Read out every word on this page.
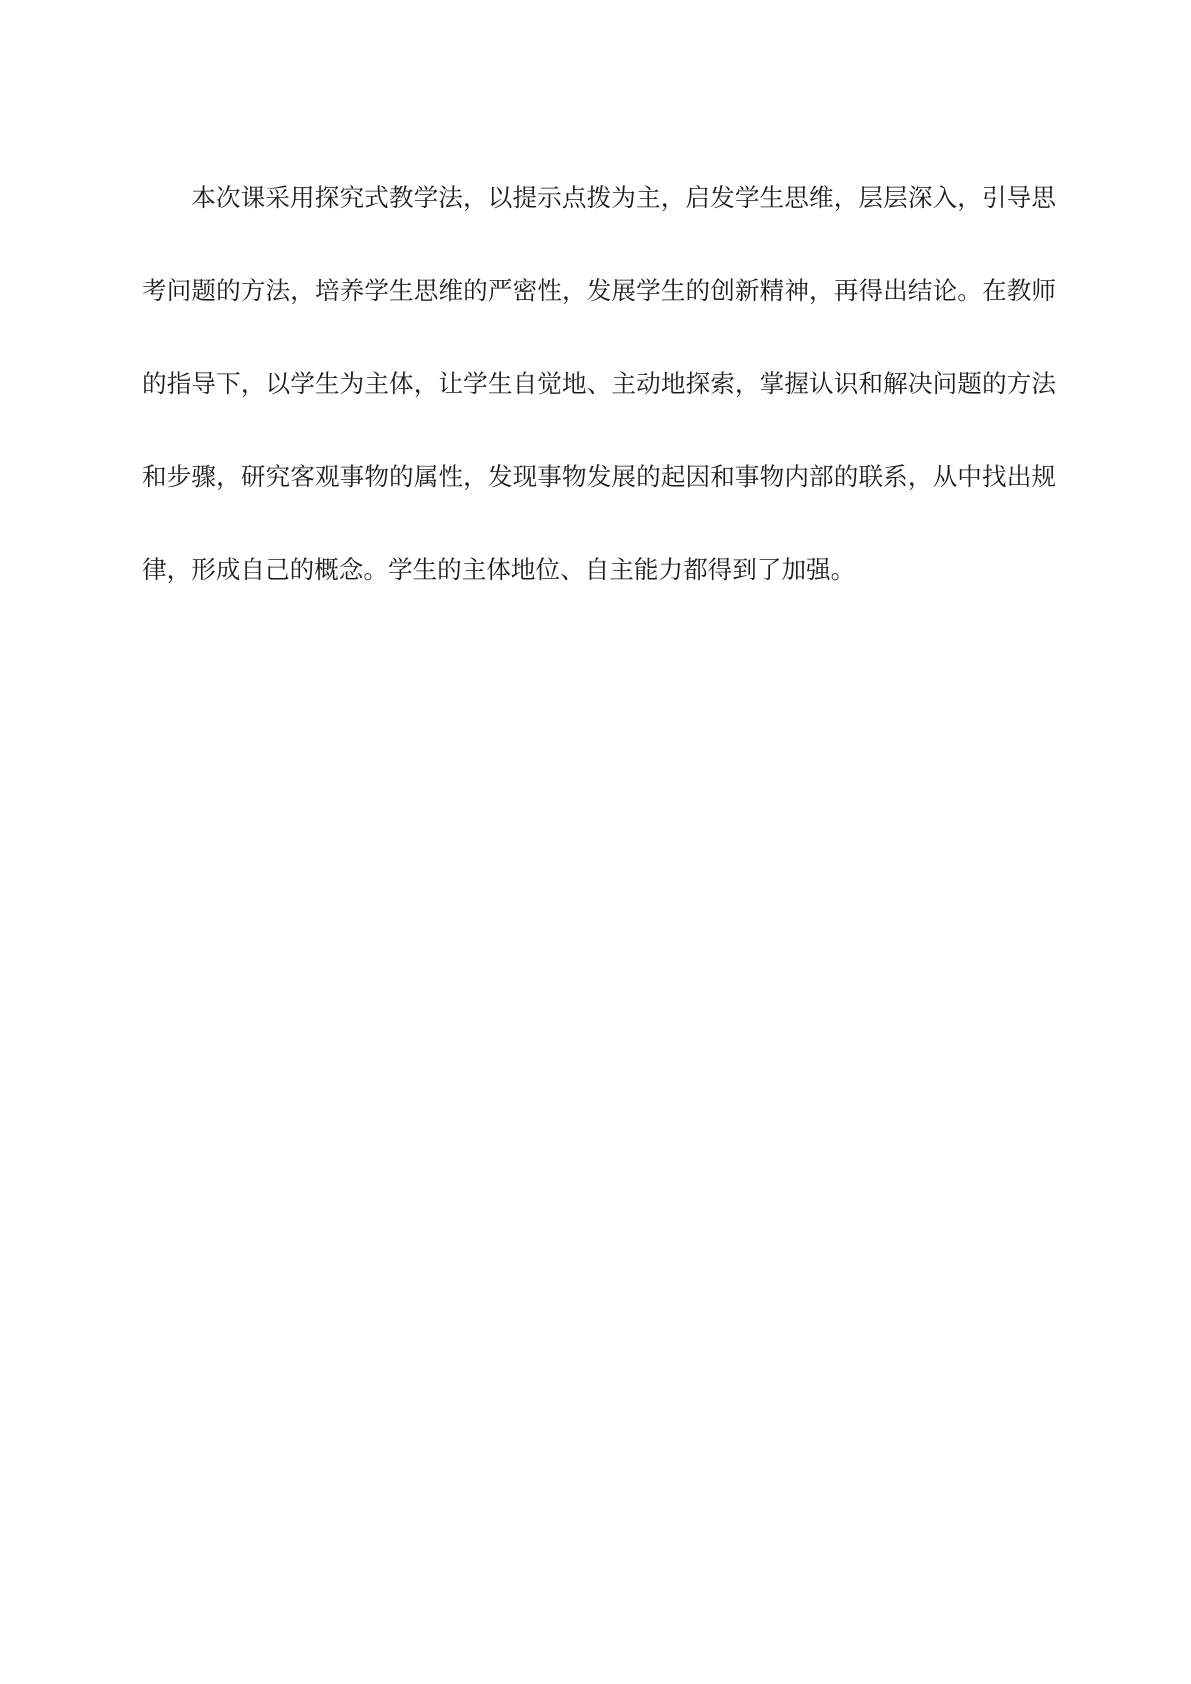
本次课采用探究式教学法，以提示点拨为主，启发学生思维，层层深入，引导思考问题的方法，培养学生思维的严密性，发展学生的创新精神，再得出结论。在教师的指导下，以学生为主体，让学生自觉地、主动地探索，掌握认识和解决问题的方法和步骤，研究客观事物的属性，发现事物发展的起因和事物内部的联系，从中找出规律，形成自己的概念。学生的主体地位、自主能力都得到了加强。
